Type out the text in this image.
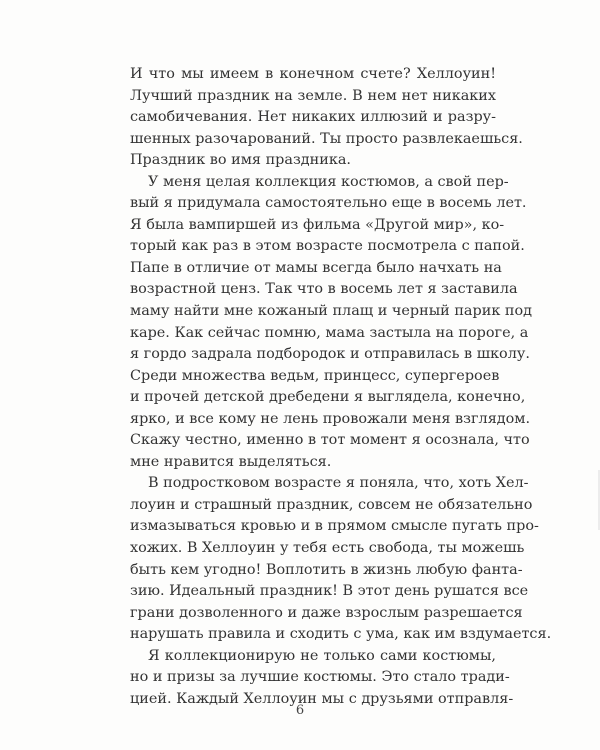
И что мы имеем в конечном счете? Хеллоуин!
Лучший праздник на земле. В нем нет никаких
самобичевания. Нет никаких иллюзий и разру-
шенных разочарований. Ты просто развлекаешься.
Праздник во имя праздника.
У меня целая коллекция костюмов, а свой пер-
вый я придумала самостоятельно еще в восемь лет.
Я была вампиршей из фильма «Другой мир», ко-
торый как раз в этом возрасте посмотрела с папой.
Папе в отличие от мамы всегда было начхать на
возрастной ценз. Так что в восемь лет я заставила
маму найти мне кожаный плащ и черный парик под
каре. Как сейчас помню, мама застыла на пороге, а
я гордо задрала подбородок и отправилась в школу.
Среди множества ведьм, принцесс, супергероев
и прочей детской дребедени я выглядела, конечно,
ярко, и все кому не лень провожали меня взглядом.
Скажу честно, именно в тот момент я осознала, что
мне нравится выделяться.
В подростковом возрасте я поняла, что, хоть Хел-
лоуин и страшный праздник, совсем не обязательно
измазываться кровью и в прямом смысле пугать про-
хожих. В Хеллоуин у тебя есть свобода, ты можешь
быть кем угодно! Воплотить в жизнь любую фанта-
зию. Идеальный праздник! В этот день рушатся все
грани дозволенного и даже взрослым разрешается
нарушать правила и сходить с ума, как им вздумается.
Я коллекционирую не только сами костюмы,
но и призы за лучшие костюмы. Это стало тради-
цией. Каждый Хеллоуин мы с друзьями отправля-
6
